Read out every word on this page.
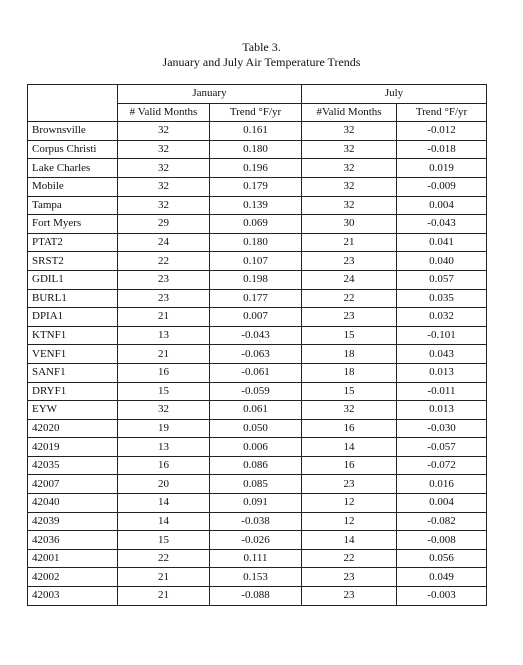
Table 3.
January and July Air Temperature Trends
	January		July	
	# Valid Months	Trend °F/yr	#Valid Months	Trend °F/yr
Brownsville	32	0.161	32	-0.012
Corpus Christi	32	0.180	32	-0.018
Lake Charles	32	0.196	32	0.019
Mobile	32	0.179	32	-0.009
Tampa	32	0.139	32	0.004
Fort Myers	29	0.069	30	-0.043
PTAT2	24	0.180	21	0.041
SRST2	22	0.107	23	0.040
GDIL1	23	0.198	24	0.057
BURL1	23	0.177	22	0.035
DPIA1	21	0.007	23	0.032
KTNF1	13	-0.043	15	-0.101
VENF1	21	-0.063	18	0.043
SANF1	16	-0.061	18	0.013
DRYF1	15	-0.059	15	-0.011
EYW	32	0.061	32	0.013
42020	19	0.050	16	-0.030
42019	13	0.006	14	-0.057
42035	16	0.086	16	-0.072
42007	20	0.085	23	0.016
42040	14	0.091	12	0.004
42039	14	-0.038	12	-0.082
42036	15	-0.026	14	-0.008
42001	22	0.111	22	0.056
42002	21	0.153	23	0.049
42003	21	-0.088	23	-0.003
